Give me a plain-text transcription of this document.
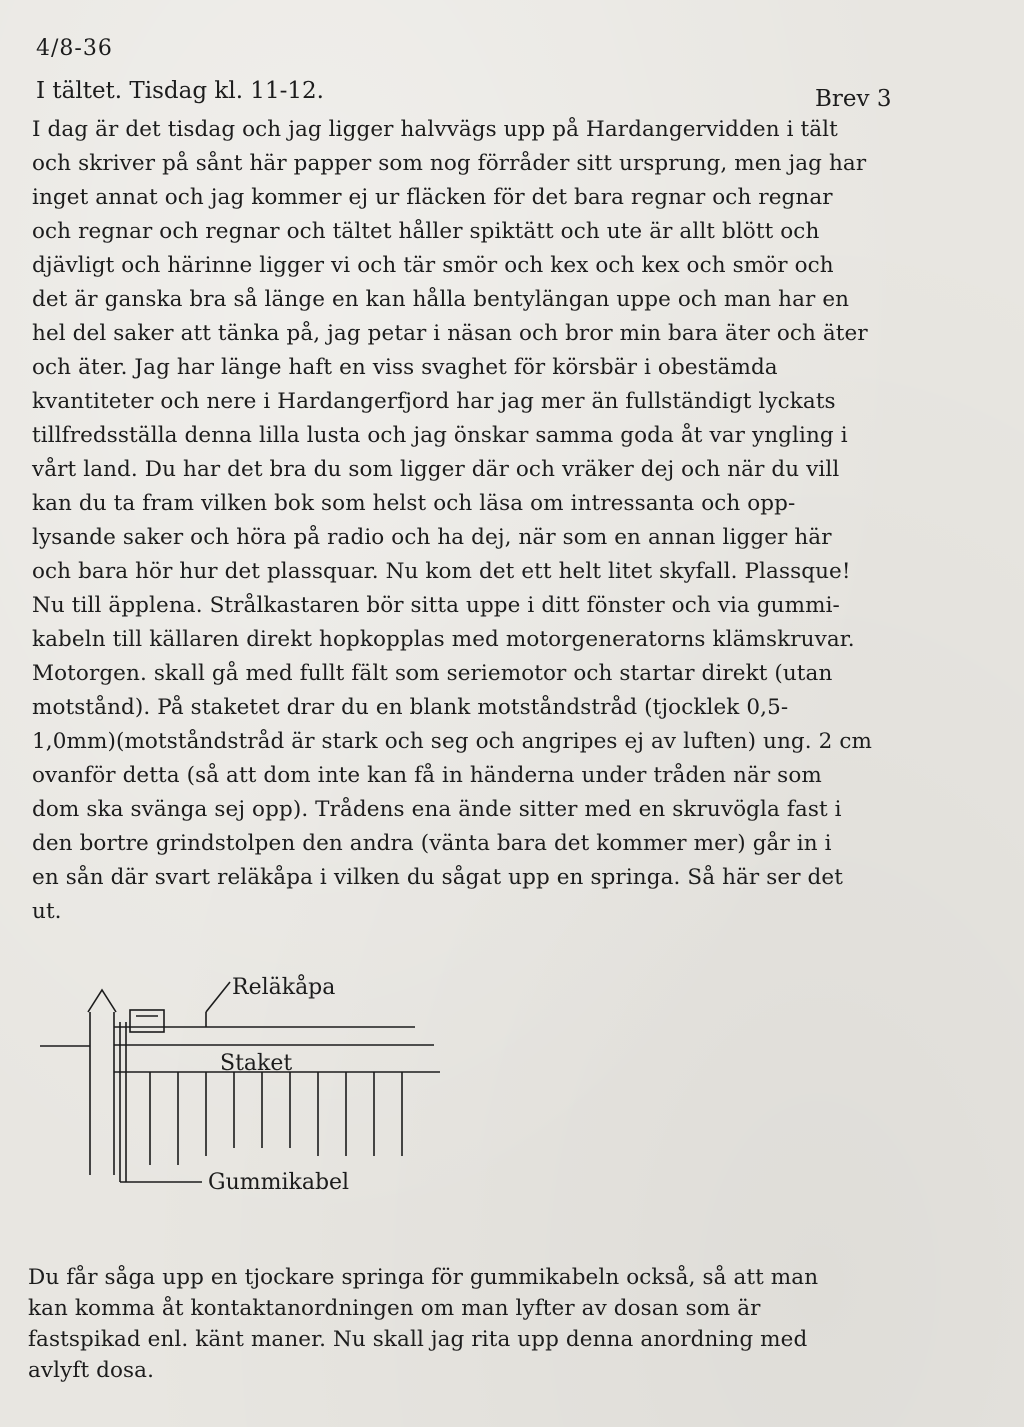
4/8-36
I tältet. Tisdag kl. 11-12.	Brev 3
I dag är det tisdag och jag ligger halvvägs upp på Hardangervidden i tält
och skriver på sånt här papper som nog förråder sitt ursprung, men jag har
inget annat och jag kommer ej ur fläcken för det bara regnar och regnar
och regnar och regnar och tältet håller spiktätt och ute är allt blött och
djävligt och härinne ligger vi och tär smör och kex och kex och smör och
det är ganska bra så länge en kan hålla bentylängan uppe och man har en
hel del saker att tänka på, jag petar i näsan och bror min bara äter och äter
och äter. Jag har länge haft en viss svaghet för körsbär i obestämda
kvantiteter och nere i Hardangerfjord har jag mer än fullständigt lyckats
tillfredsställa denna lilla lusta och jag önskar samma goda åt var yngling i
vårt land. Du har det bra du som ligger där och vräker dej och när du vill
kan du ta fram vilken bok som helst och läsa om intressanta och opp-
lysande saker och höra på radio och ha dej, när som en annan ligger här
och bara hör hur det plassquar. Nu kom det ett helt litet skyfall. Plassque!
Nu till äpplena. Strålkastaren bör sitta uppe i ditt fönster och via gummi-
kabeln till källaren direkt hopkopplas med motorgeneratorns klämskruvar.
Motorgen. skall gå med fullt fält som seriemotor och startar direkt (utan
motstånd). På staketet drar du en blank motståndstråd (tjocklek 0,5-
1,0mm)(motståndstråd är stark och seg och angripes ej av luften) ung. 2 cm
ovanför detta (så att dom inte kan få in händerna under tråden när som
dom ska svänga sej opp). Trådens ena ände sitter med en skruvögla fast i
den bortre grindstolpen den andra (vänta bara det kommer mer) går in i
en sån där svart reläkåpa i vilken du sågat upp en springa. Så här ser det
ut.
Reläkåpa
Staket
Gummikabel
Du får såga upp en tjockare springa för gummikabeln också, så att man
kan komma åt kontaktanordningen om man lyfter av dosan som är
fastspikad enl. känt maner. Nu skall jag rita upp denna anordning med
avlyft dosa.
